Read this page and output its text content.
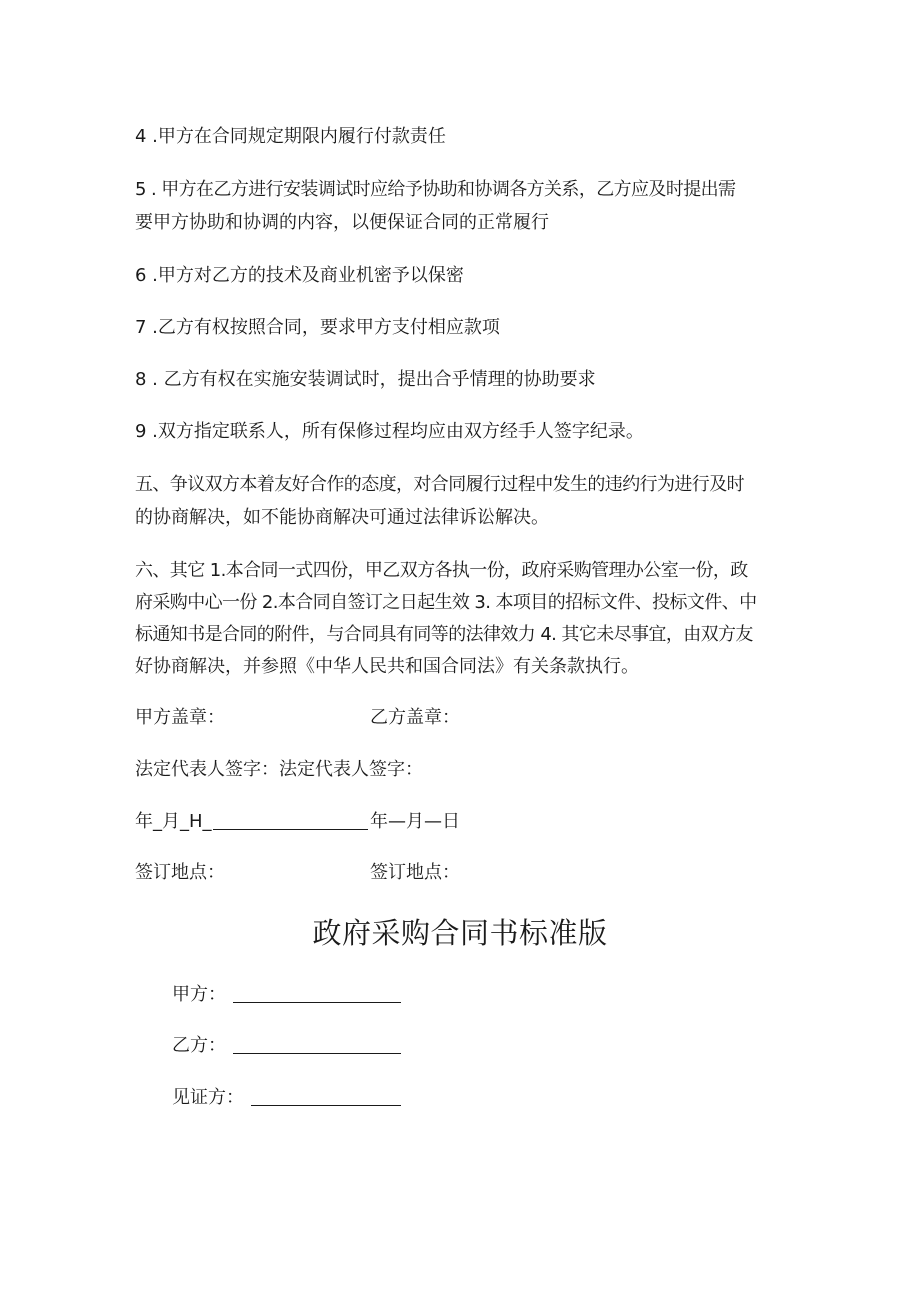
4 .甲方在合同规定期限内履行付款责任
5 . 甲方在乙方进行安装调试时应给予协助和协调各方关系，乙方应及时提出需
要甲方协助和协调的内容，以便保证合同的正常履行
6 .甲方对乙方的技术及商业机密予以保密
7 .乙方有权按照合同，要求甲方支付相应款项
8 . 乙方有权在实施安装调试时，提出合乎情理的协助要求
9 .双方指定联系人，所有保修过程均应由双方经手人签字纪录。
五、争议双方本着友好合作的态度，对合同履行过程中发生的违约行为进行及时
的协商解决，如不能协商解决可通过法律诉讼解决。
六、其它 1.本合同一式四份，甲乙双方各执一份，政府采购管理办公室一份，政
府采购中心一份 2.本合同自签订之日起生效 3. 本项目的招标文件、投标文件、中
标通知书是合同的附件，与合同具有同等的法律效力 4. 其它未尽事宜，由双方友
好协商解决，并参照《中华人民共和国合同法》有关条款执行。
甲方盖章：	乙方盖章：
法定代表人签字：法定代表人签字：
年_月_H_	年—月—日
签订地点：	签订地点：
政府采购合同书标准版
甲方：
乙方：
见证方：
